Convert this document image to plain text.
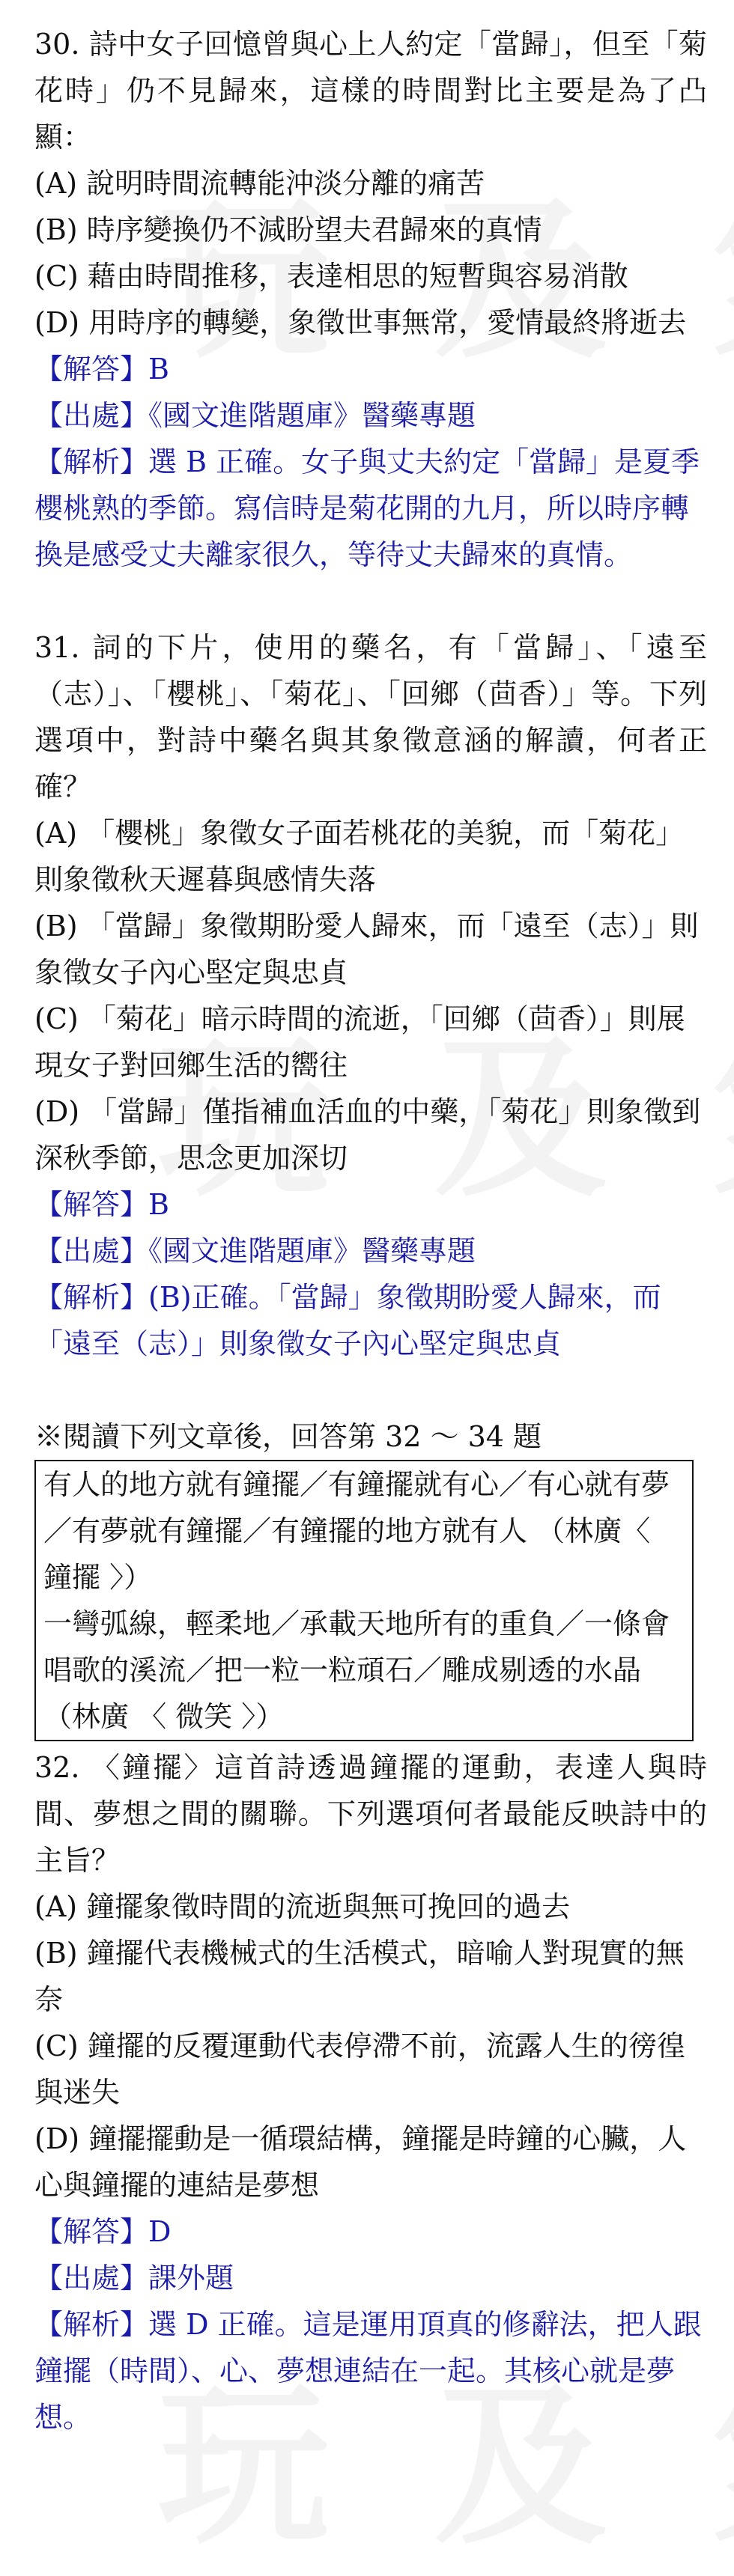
30. 詩中女子回憶曾與心上人約定「當歸」，但至「菊花時」仍不見歸來，這樣的時間對比主要是為了凸顯：

(A) 說明時間流轉能沖淡分離的痛苦

(B) 時序變換仍不減盼望夫君歸來的真情

(C) 藉由時間推移，表達相思的短暫與容易消散

(D) 用時序的轉變，象徵世事無常，愛情最終將逝去

【解答】B

【出處】《國文進階題庫》醫藥專題

【解析】選 B 正確。女子與丈夫約定「當歸」是夏季櫻桃熟的季節。寫信時是菊花開的九月，所以時序轉換是感受丈夫離家很久，等待丈夫歸來的真情。

31. 詞的下片，使用的藥名，有「當歸」、「遠至（志）」、「櫻桃」、「菊花」、「回鄉（茴香）」等。下列選項中，對詩中藥名與其象徵意涵的解讀，何者正確？

(A) 「櫻桃」象徵女子面若桃花的美貌，而「菊花」則象徵秋天遲暮與感情失落

(B) 「當歸」象徵期盼愛人歸來，而「遠至（志）」則象徵女子內心堅定與忠貞

(C) 「菊花」暗示時間的流逝，「回鄉（茴香）」則展現女子對回鄉生活的嚮往

(D) 「當歸」僅指補血活血的中藥，「菊花」則象徵到深秋季節，思念更加深切

【解答】B

【出處】《國文進階題庫》醫藥專題

【解析】(B)正確。「當歸」象徵期盼愛人歸來，而「遠至（志）」則象徵女子內心堅定與忠貞

※閱讀下列文章後，回答第 32 ～ 34 題

有人的地方就有鐘擺／有鐘擺就有心／有心就有夢／有夢就有鐘擺／有鐘擺的地方就有人 （林廣〈 鐘擺 〉）

一彎弧線，輕柔地／承載天地所有的重負／一條會唱歌的溪流／把一粒一粒頑石／雕成剔透的水晶 （林廣 〈 微笑 〉）

32. 〈鐘擺〉這首詩透過鐘擺的運動，表達人與時間、夢想之間的關聯。下列選項何者最能反映詩中的主旨？

(A) 鐘擺象徵時間的流逝與無可挽回的過去

(B) 鐘擺代表機械式的生活模式，暗喻人對現實的無奈

(C) 鐘擺的反覆運動代表停滯不前，流露人生的徬徨與迷失

(D) 鐘擺擺動是一循環結構，鐘擺是時鐘的心臟，人心與鐘擺的連結是夢想

【解答】D

【出處】課外題

【解析】選 D 正確。這是運用頂真的修辭法，把人跟鐘擺（時間）、心、夢想連結在一起。其核心就是夢想。
